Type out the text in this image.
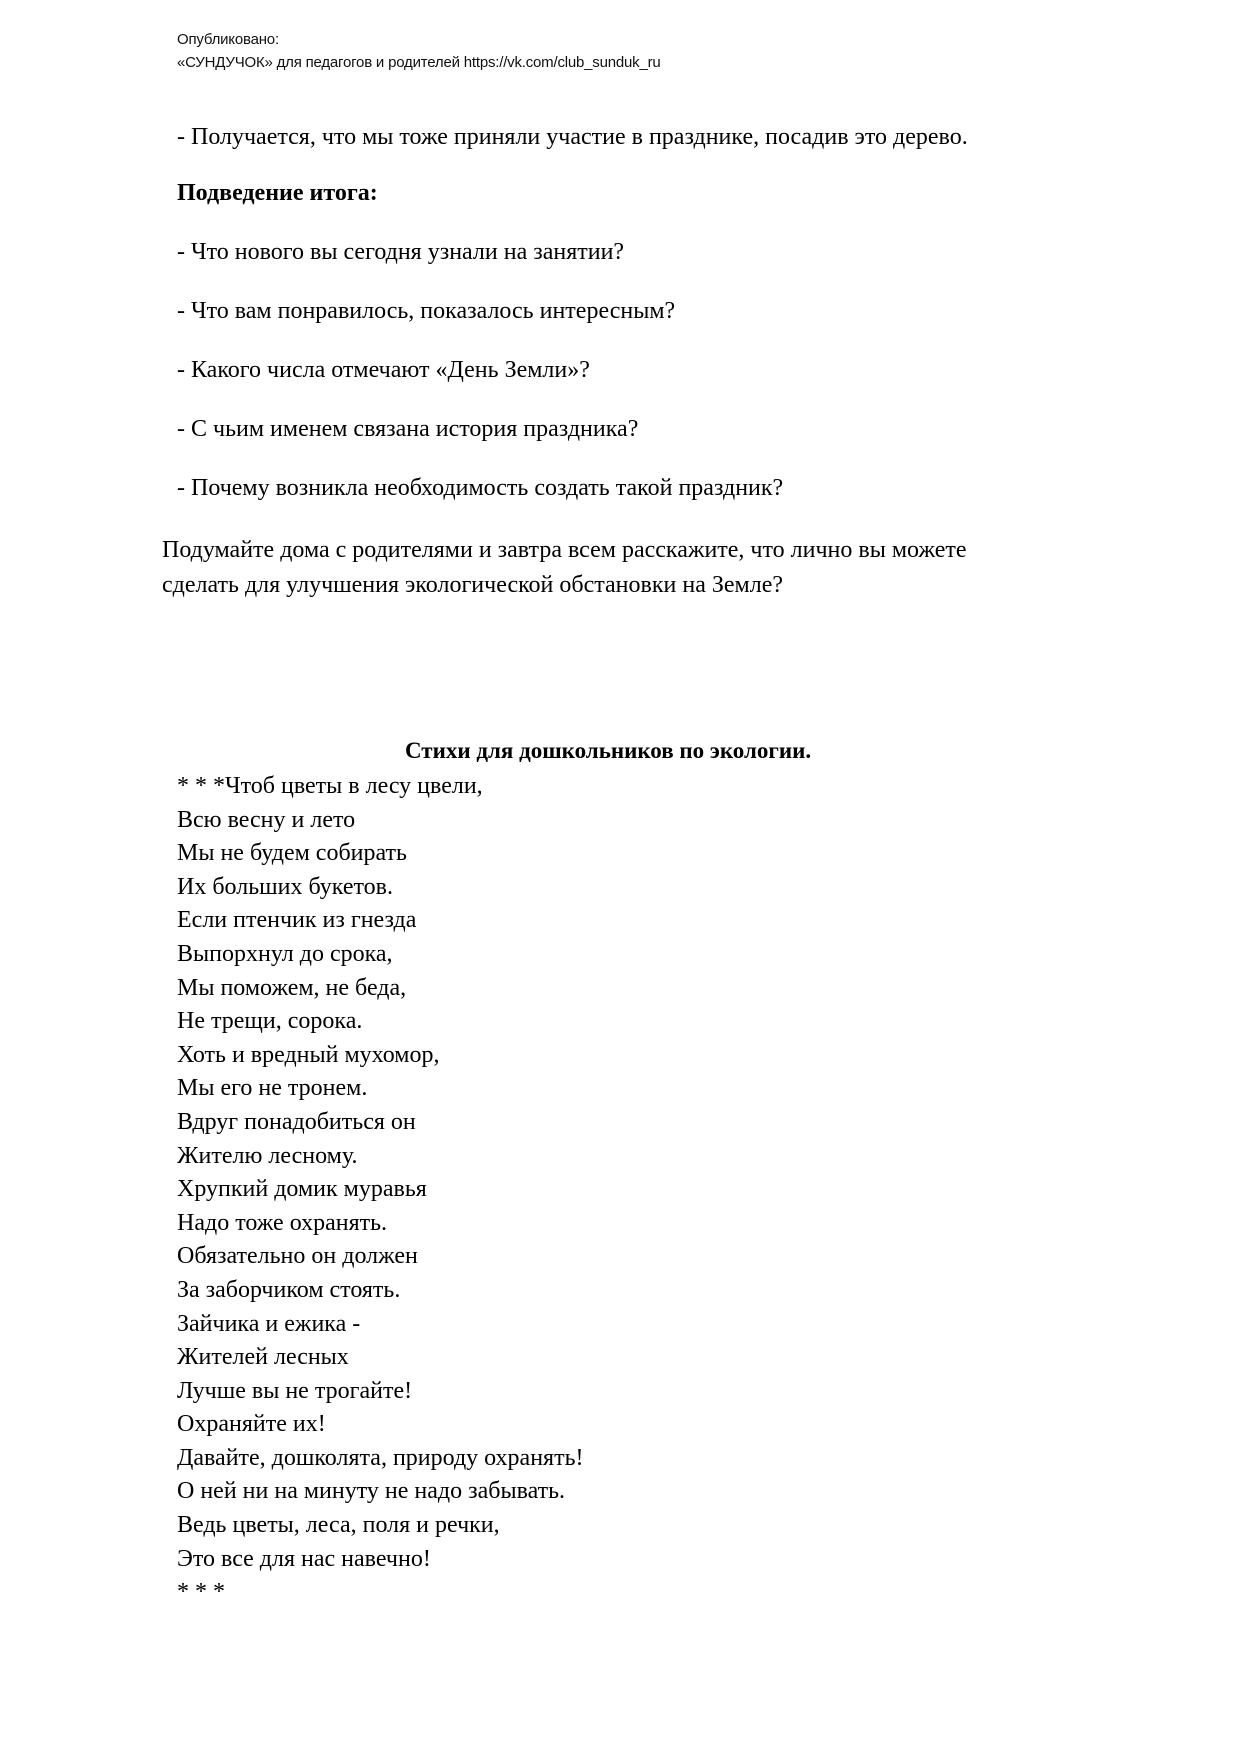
Опубликовано:
«СУНДУЧОК» для педагогов и родителей https://vk.com/club_sunduk_ru
- Получается, что мы тоже приняли участие в празднике, посадив это дерево.
Подведение итога:
- Что нового вы сегодня узнали на занятии?
- Что вам понравилось, показалось интересным?
- Какого числа отмечают «День Земли»?
- С чьим именем связана история праздника?
- Почему возникла необходимость создать такой праздник?
Подумайте дома с родителями и завтра всем расскажите, что лично вы можете
сделать для улучшения экологической обстановки на Земле?
Стихи для дошкольников по экологии.
* * *Чтоб цветы в лесу цвели,
Всю весну и лето
Мы не будем собирать
Их больших букетов.
Если птенчик из гнезда
Выпорхнул до срока,
Мы поможем, не беда,
Не трещи, сорока.
Хоть и вредный мухомор,
Мы его не тронем.
Вдруг понадобиться он
Жителю лесному.
Хрупкий домик муравья
Надо тоже охранять.
Обязательно он должен
За заборчиком стоять.
Зайчика и ежика -
Жителей лесных
Лучше вы не трогайте!
Охраняйте их!
Давайте, дошколята, природу охранять!
О ней ни на минуту не надо забывать.
Ведь цветы, леса, поля и речки,
Это все для нас навечно!
* * *
